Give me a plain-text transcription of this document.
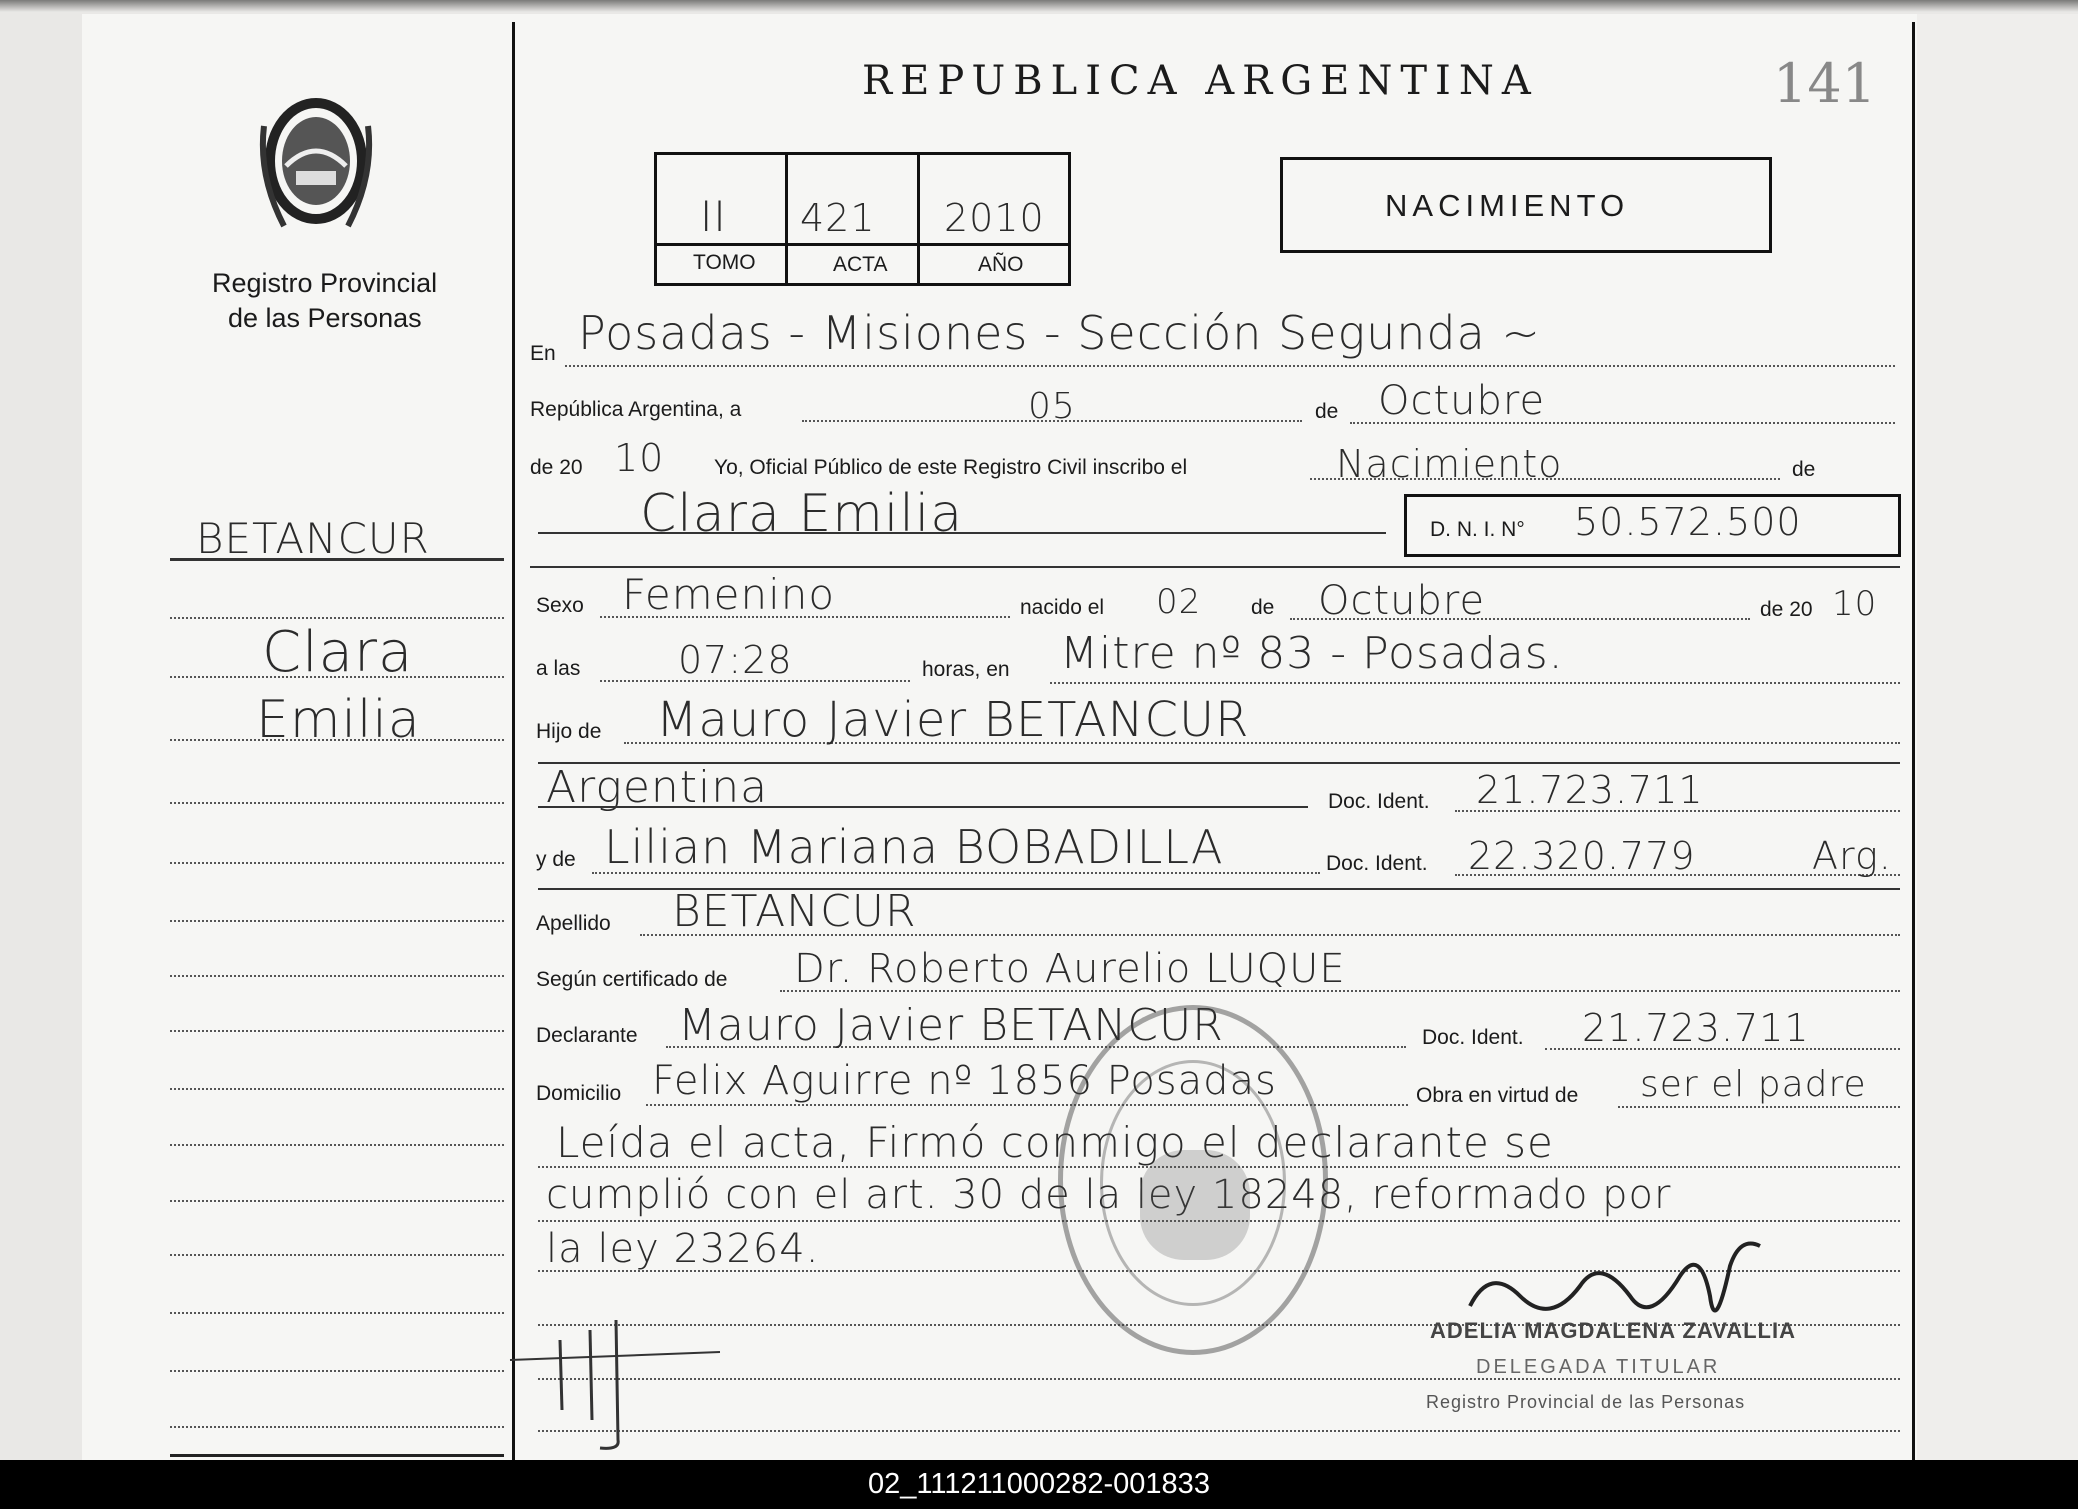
REPUBLICA ARGENTINA	141
Registro Provincial
de las Personas
II 421 2010
TOMO	ACTA	AÑO
NACIMIENTO
BETANCUR
Clara
Emilia
En Posadas - Misiones - Sección Segunda ~
República Argentina, a	05	de Octubre
de 20 10 Yo, Oficial Público de este Registro Civil inscribo el	Nacimiento	de
Clara Emilia	D. N. I. N° 50.572.500
Sexo Femenino	nacido el 02 de Octubre	de 20 10
a las	07:28	horas, en Mitre nº 83 - Posadas.
Hijo de Mauro Javier BETANCUR
Argentina	Doc. Ident. 21.723.711
y de Lilian Mariana BOBADILLA	Doc. Ident. 22.320.779	Arg.
Apellido BETANCUR
Según certificado de Dr. Roberto Aurelio LUQUE
Declarante Mauro Javier BETANCUR	Doc. Ident. 21.723.711
Domicilio Felix Aguirre nº 1856 Posadas	Obra en virtud de ser el padre
Leída el acta, Firmó conmigo el declarante se
cumplió con el art. 30 de la ley 18248, reformado por
la ley 23264.
ADELIA MAGDALENA ZAVALLIA
DELEGADA TITULAR
Registro Provincial de las Personas
02_111211000282-001833
